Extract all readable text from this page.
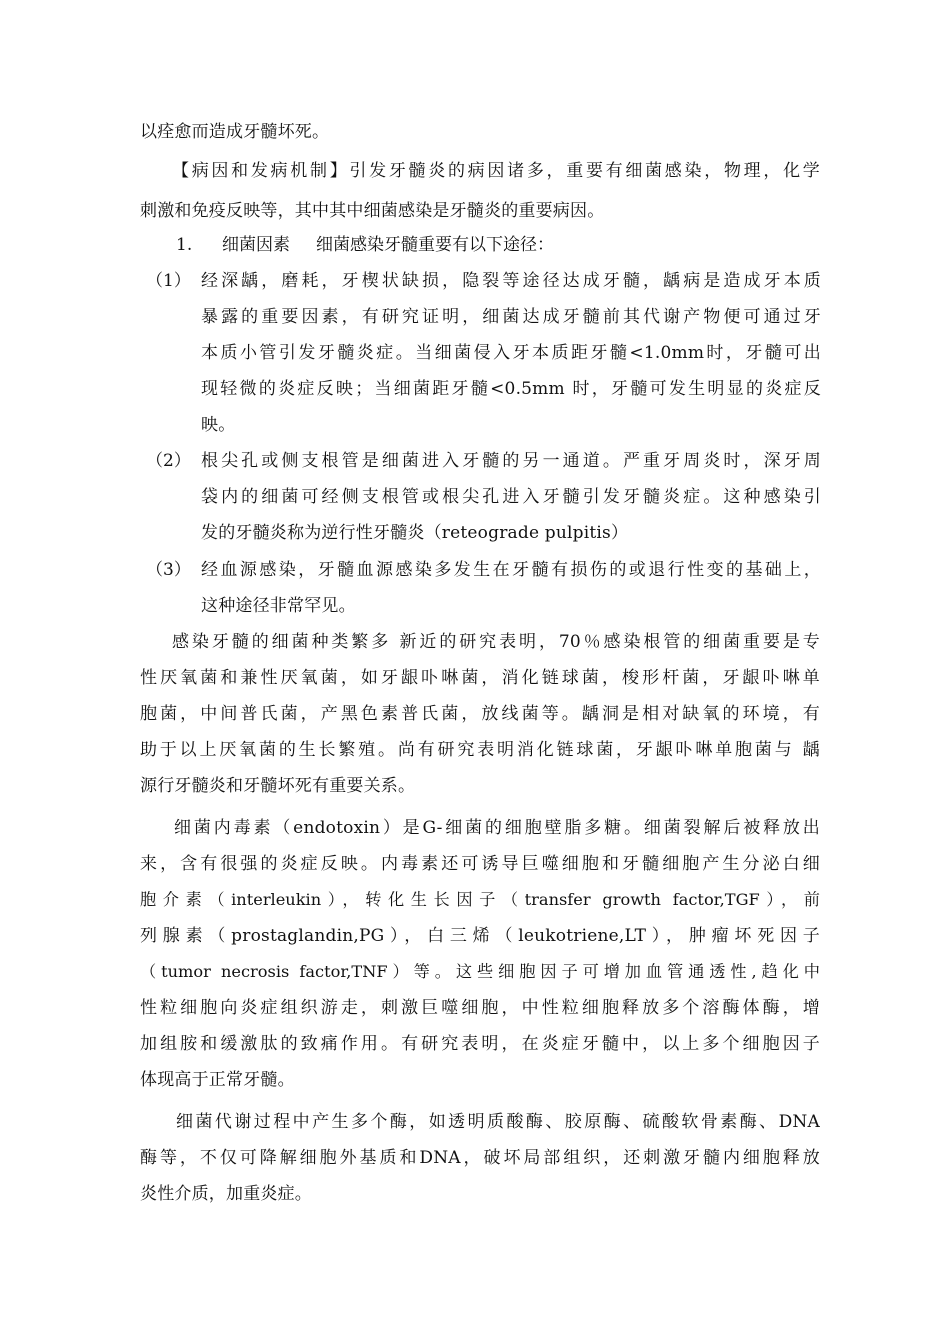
以痊愈而造成牙髓坏死。
【病因和发病机制】引发牙髓炎的病因诸多，重要有细菌感染，物理，化学
刺激和免疫反映等，其中其中细菌感染是牙髓炎的重要病因。
1. 细菌因素 细菌感染牙髓重要有以下途径：
（1） 经深龋，磨耗，牙楔状缺损，隐裂等途径达成牙髓，龋病是造成牙本质
暴露的重要因素，有研究证明，细菌达成牙髓前其代谢产物便可通过牙
本质小管引发牙髓炎症。当细菌侵入牙本质距牙髓<1.0mm时，牙髓可出
现轻微的炎症反映；当细菌距牙髓<0.5mm 时，牙髓可发生明显的炎症反
映。
（2） 根尖孔或侧支根管是细菌进入牙髓的另一通道。严重牙周炎时，深牙周
袋内的细菌可经侧支根管或根尖孔进入牙髓引发牙髓炎症。这种感染引
发的牙髓炎称为逆行性牙髓炎（reteograde pulpitis）
（3） 经血源感染，牙髓血源感染多发生在牙髓有损伤的或退行性变的基础上，
这种途径非常罕见。
感染牙髓的细菌种类繁多 新近的研究表明，70％感染根管的细菌重要是专
性厌氧菌和兼性厌氧菌，如牙龈卟啉菌，消化链球菌，梭形杆菌，牙龈卟啉单
胞菌，中间普氏菌，产黑色素普氏菌，放线菌等。龋洞是相对缺氧的环境，有
助于以上厌氧菌的生长繁殖。尚有研究表明消化链球菌，牙龈卟啉单胞菌与 龋
源行牙髓炎和牙髓坏死有重要关系。
细菌内毒素（endotoxin）是G-细菌的细胞壁脂多糖。细菌裂解后被释放出
来，含有很强的炎症反映。内毒素还可诱导巨噬细胞和牙髓细胞产生分泌白细
胞介素（interleukin），转化生长因子（transfer growth factor,TGF），前
列腺素（prostaglandin,PG），白三烯（leukotriene,LT），肿瘤坏死因子
（tumor necrosis factor,TNF）等。这些细胞因子可增加血管通透性,趋化中
性粒细胞向炎症组织游走，刺激巨噬细胞，中性粒细胞释放多个溶酶体酶，增
加组胺和缓激肽的致痛作用。有研究表明，在炎症牙髓中，以上多个细胞因子
体现高于正常牙髓。
细菌代谢过程中产生多个酶，如透明质酸酶、胶原酶、硫酸软骨素酶、DNA
酶等，不仅可降解细胞外基质和DNA，破坏局部组织，还刺激牙髓内细胞释放
炎性介质，加重炎症。
